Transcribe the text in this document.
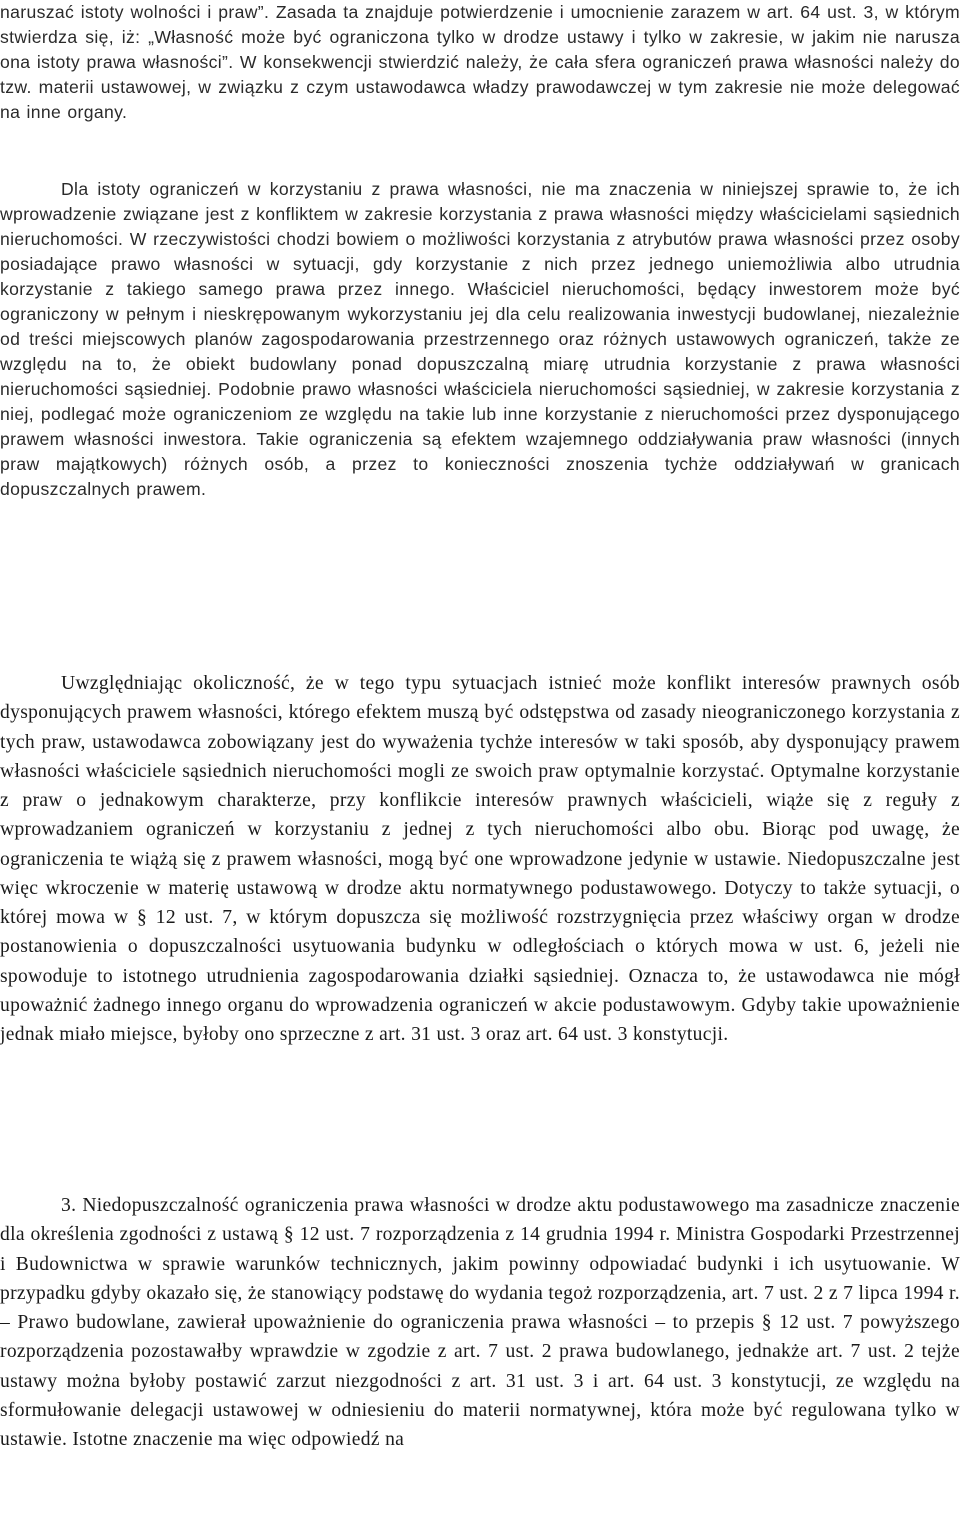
naruszać istoty wolności i praw”. Zasada ta znajduje potwierdzenie i umocnienie zarazem w art. 64 ust. 3, w którym stwierdza się, iż: „Własność może być ograniczona tylko w drodze ustawy i tylko w zakresie, w jakim nie narusza ona istoty prawa własności”. W konsekwencji stwierdzić należy, że cała sfera ograniczeń prawa własności należy do tzw. materii ustawowej, w związku z czym ustawodawca władzy prawodawczej w tym zakresie nie może delegować na inne organy.

Dla istoty ograniczeń w korzystaniu z prawa własności, nie ma znaczenia w niniejszej sprawie to, że ich wprowadzenie związane jest z konfliktem w zakresie korzystania z prawa własności między właścicielami sąsiednich nieruchomości. W rzeczywistości chodzi bowiem o możliwości korzystania z atrybutów prawa własności przez osoby posiadające prawo własności w sytuacji, gdy korzystanie z nich przez jednego uniemożliwia albo utrudnia korzystanie z takiego samego prawa przez innego. Właściciel nieruchomości, będący inwestorem może być ograniczony w pełnym i nieskrępowanym wykorzystaniu jej dla celu realizowania inwestycji budowlanej, niezależnie od treści miejscowych planów zagospodarowania przestrzennego oraz różnych ustawowych ograniczeń, także ze względu na to, że obiekt budowlany ponad dopuszczalną miarę utrudnia korzystanie z prawa własności nieruchomości sąsiedniej. Podobnie prawo własności właściciela nieruchomości sąsiedniej, w zakresie korzystania z niej, podlegać może ograniczeniom ze względu na takie lub inne korzystanie z nieruchomości przez dysponującego prawem własności inwestora. Takie ograniczenia są efektem wzajemnego oddziaływania praw własności (innych praw majątkowych) różnych osób, a przez to konieczności znoszenia tychże oddziaływań w granicach dopuszczalnych prawem.

Uwzględniając okoliczność, że w tego typu sytuacjach istnieć może konflikt interesów prawnych osób dysponujących prawem własności, którego efektem muszą być odstępstwa od zasady nieograniczonego korzystania z tych praw, ustawodawca zobowiązany jest do wyważenia tychże interesów w taki sposób, aby dysponujący prawem własności właściciele sąsiednich nieruchomości mogli ze swoich praw optymalnie korzystać. Optymalne korzystanie z praw o jednakowym charakterze, przy konflikcie interesów prawnych właścicieli, wiąże się z reguły z wprowadzaniem ograniczeń w korzystaniu z jednej z tych nieruchomości albo obu. Biorąc pod uwagę, że ograniczenia te wiążą się z prawem własności, mogą być one wprowadzone jedynie w ustawie. Niedopuszczalne jest więc wkroczenie w materię ustawową w drodze aktu normatywnego podustawowego. Dotyczy to także sytuacji, o której mowa w § 12 ust. 7, w którym dopuszcza się możliwość rozstrzygnięcia przez właściwy organ w drodze postanowienia o dopuszczalności usytuowania budynku w odległościach o których mowa w ust. 6, jeżeli nie spowoduje to istotnego utrudnienia zagospodarowania działki sąsiedniej. Oznacza to, że ustawodawca nie mógł upoważnić żadnego innego organu do wprowadzenia ograniczeń w akcie podustawowym. Gdyby takie upoważnienie jednak miało miejsce, byłoby ono sprzeczne z art. 31 ust. 3 oraz art. 64 ust. 3 konstytucji.

3. Niedopuszczalność ograniczenia prawa własności w drodze aktu podustawowego ma zasadnicze znaczenie dla określenia zgodności z ustawą § 12 ust. 7 rozporządzenia z 14 grudnia 1994 r. Ministra Gospodarki Przestrzennej i Budownictwa w sprawie warunków technicznych, jakim powinny odpowiadać budynki i ich usytuowanie. W przypadku gdyby okazało się, że stanowiący podstawę do wydania tegoż rozporządzenia, art. 7 ust. 2 z 7 lipca 1994 r. – Prawo budowlane, zawierał upoważnienie do ograniczenia prawa własności – to przepis § 12 ust. 7 powyższego rozporządzenia pozostawałby wprawdzie w zgodzie z art. 7 ust. 2 prawa budowlanego, jednakże art. 7 ust. 2 tejże ustawy można byłoby postawić zarzut niezgodności z art. 31 ust. 3 i art. 64 ust. 3 konstytucji, ze względu na sformułowanie delegacji ustawowej w odniesieniu do materii normatywnej, która może być regulowana tylko w ustawie. Istotne znaczenie ma więc odpowiedź na
